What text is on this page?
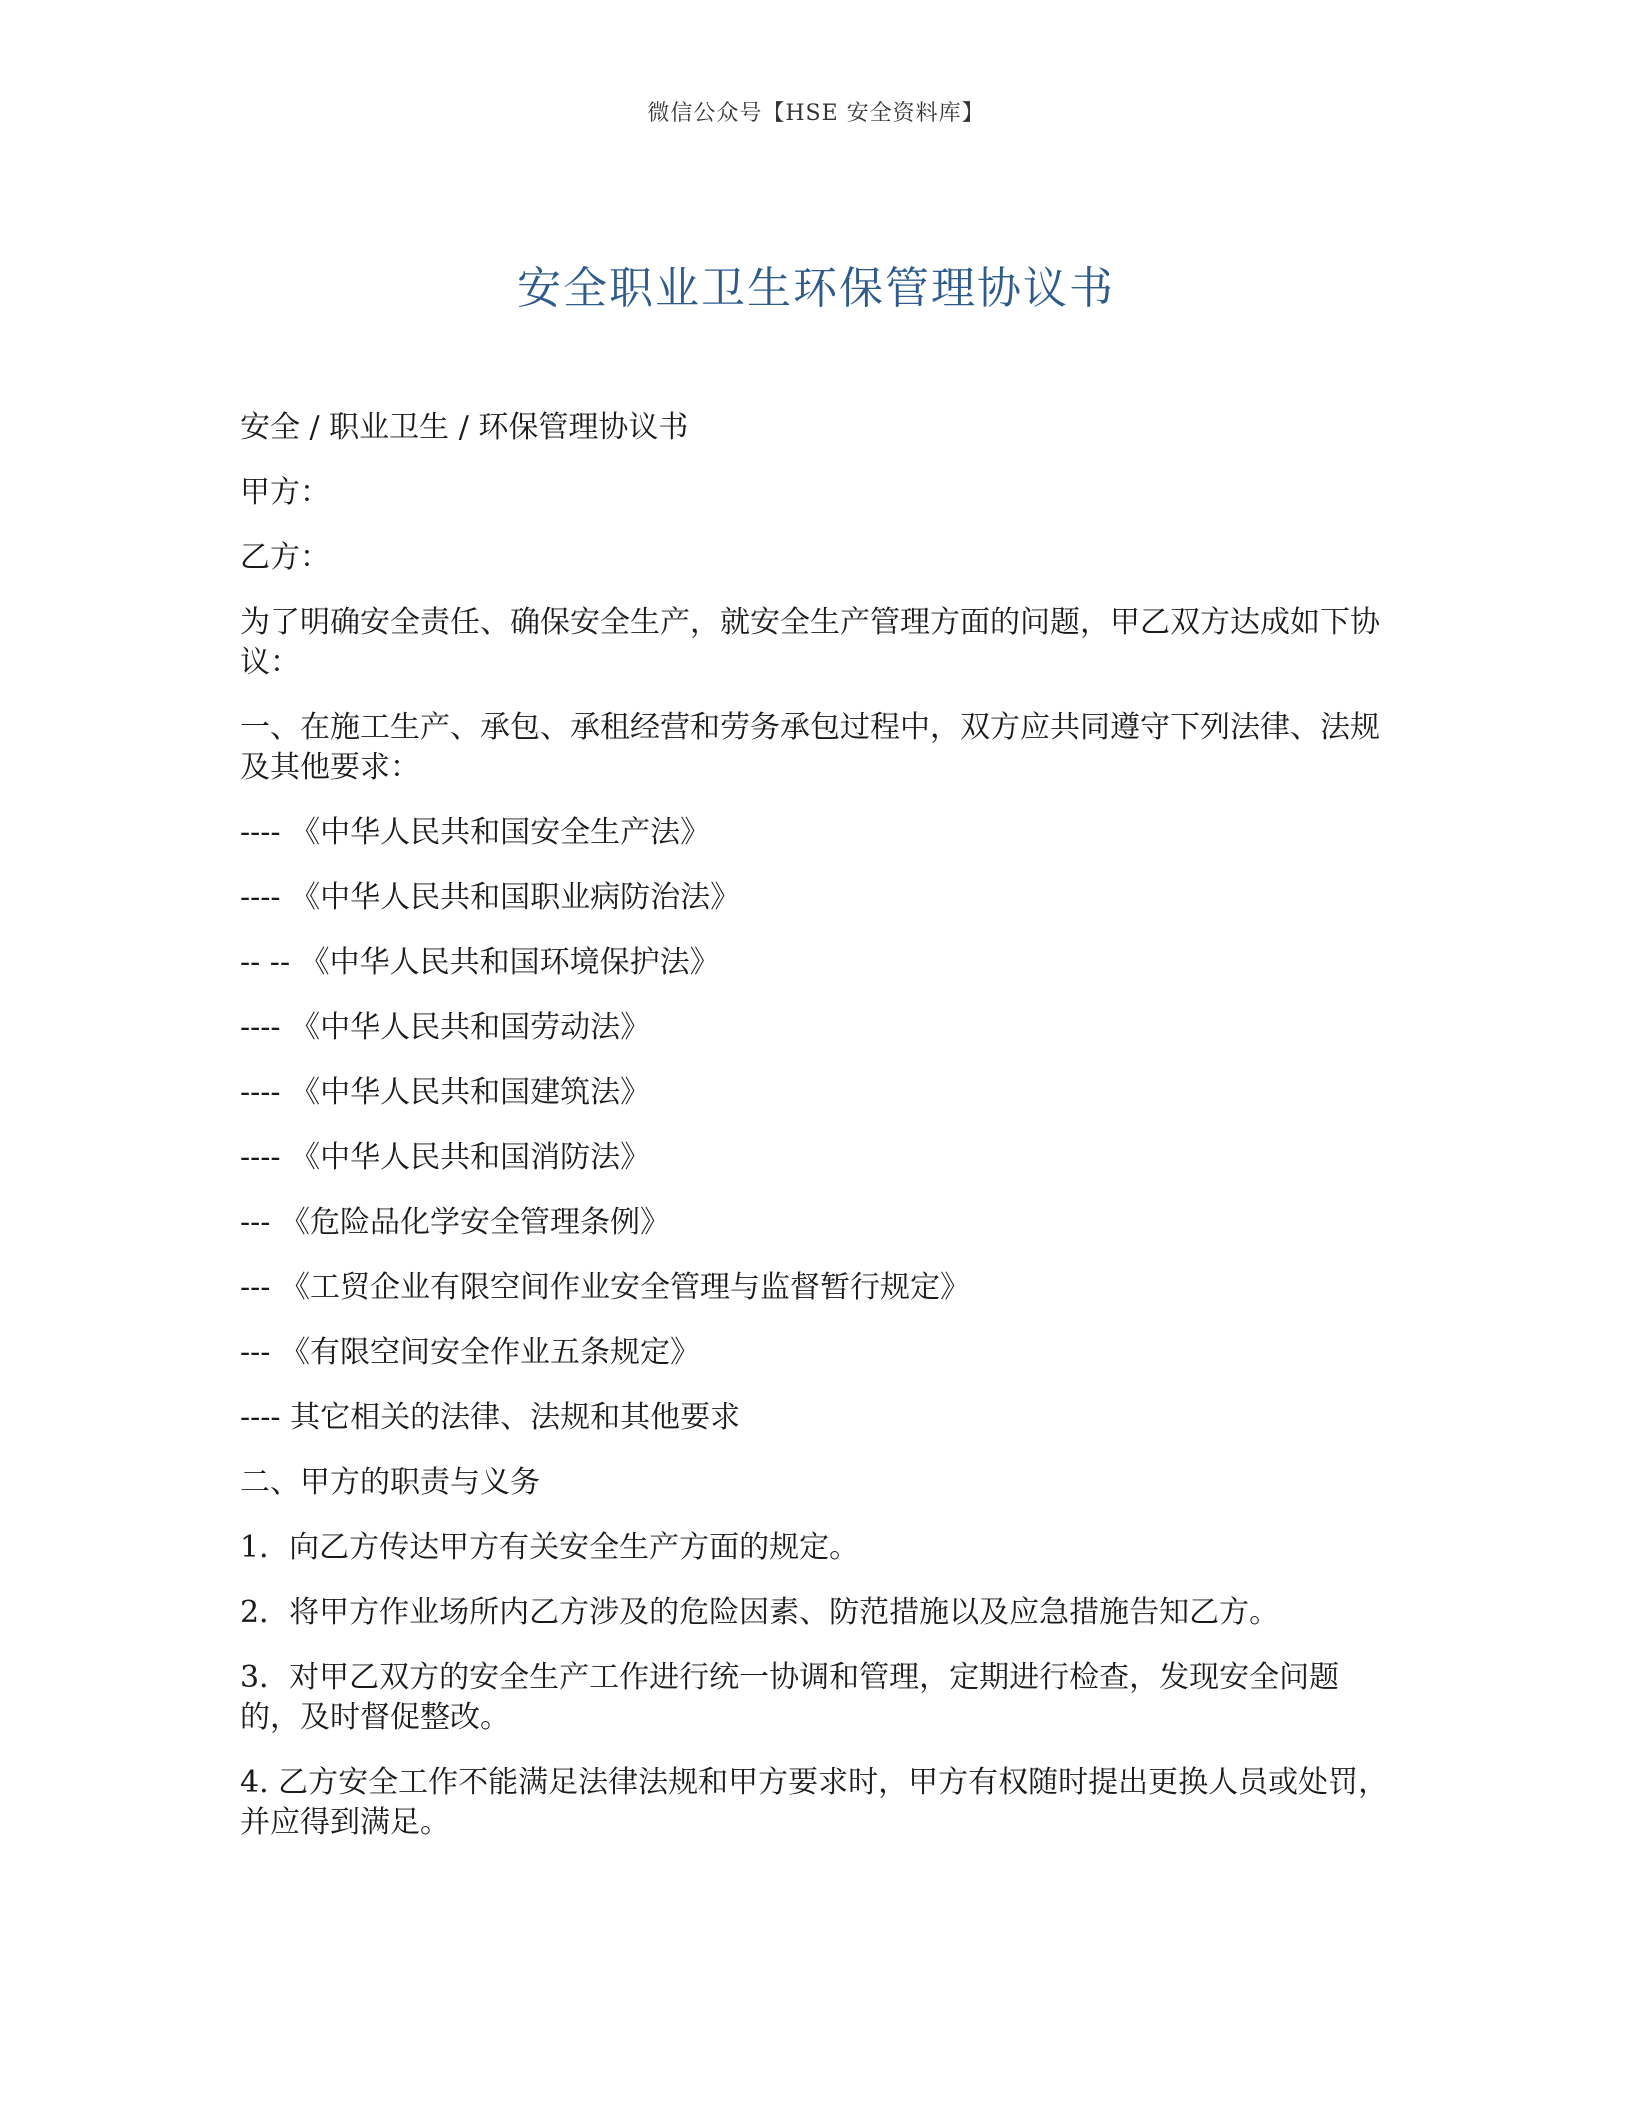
微信公众号【HSE 安全资料库】
安全职业卫生环保管理协议书

安全 / 职业卫生 / 环保管理协议书

甲方：

乙方：

为了明确安全责任、确保安全生产，就安全生产管理方面的问题，甲乙双方达成如下协议：

一、在施工生产、承包、承租经营和劳务承包过程中，双方应共同遵守下列法律、法规及其他要求：

---- 《中华人民共和国安全生产法》

---- 《中华人民共和国职业病防治法》

-- -- 《中华人民共和国环境保护法》

---- 《中华人民共和国劳动法》

---- 《中华人民共和国建筑法》

---- 《中华人民共和国消防法》

--- 《危险品化学安全管理条例》

--- 《工贸企业有限空间作业安全管理与监督暂行规定》

--- 《有限空间安全作业五条规定》

---- 其它相关的法律、法规和其他要求

二、甲方的职责与义务

1．向乙方传达甲方有关安全生产方面的规定。

2．将甲方作业场所内乙方涉及的危险因素、防范措施以及应急措施告知乙方。

3．对甲乙双方的安全生产工作进行统一协调和管理，定期进行检查，发现安全问题的，及时督促整改。

4. 乙方安全工作不能满足法律法规和甲方要求时，甲方有权随时提出更换人员或处罚，并应得到满足。
